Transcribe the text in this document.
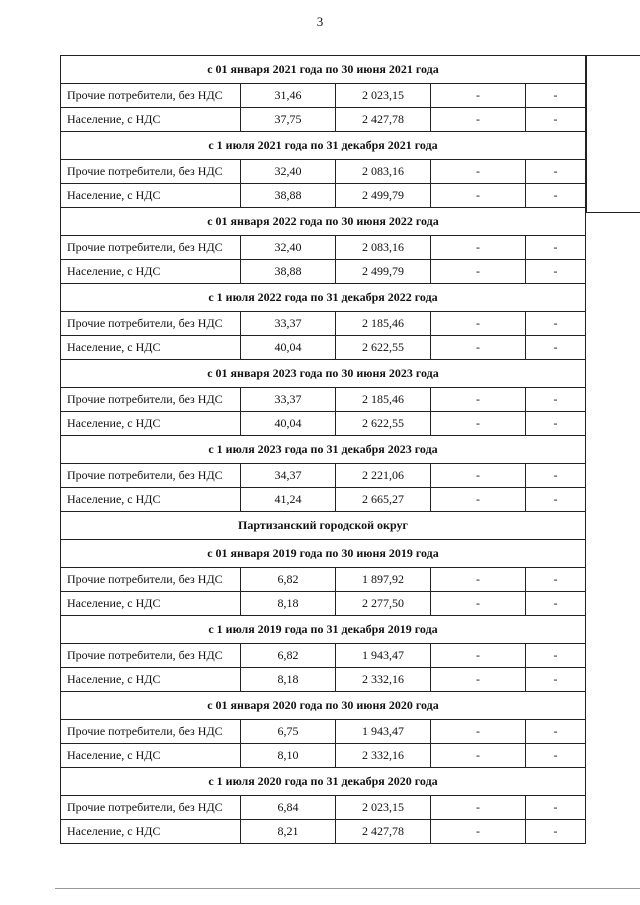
3
с 01 января 2021 года по 30 июня 2021 года
Прочие потребители, без НДС	31,46	2 023,15	-	-
Население, с НДС	37,75	2 427,78	-	-
с 1 июля 2021 года по 31 декабря 2021 года
Прочие потребители, без НДС	32,40	2 083,16	-	-
Население, с НДС	38,88	2 499,79	-	-
с 01 января 2022 года по 30 июня 2022 года
Прочие потребители, без НДС	32,40	2 083,16	-	-
Население, с НДС	38,88	2 499,79	-	-
с 1 июля 2022 года по 31 декабря 2022 года
Прочие потребители, без НДС	33,37	2 185,46	-	-
Население, с НДС	40,04	2 622,55	-	-
с 01 января 2023 года по 30 июня 2023 года
Прочие потребители, без НДС	33,37	2 185,46	-	-
Население, с НДС	40,04	2 622,55	-	-
с 1 июля 2023 года по 31 декабря 2023 года
Прочие потребители, без НДС	34,37	2 221,06	-	-
Население, с НДС	41,24	2 665,27	-	-
Партизанский городской округ
с 01 января 2019 года по 30 июня 2019 года
Прочие потребители, без НДС	6,82	1 897,92	-	-
Население, с НДС	8,18	2 277,50	-	-
с 1 июля 2019 года по 31 декабря 2019 года
Прочие потребители, без НДС	6,82	1 943,47	-	-
Население, с НДС	8,18	2 332,16	-	-
с 01 января 2020 года по 30 июня 2020 года
Прочие потребители, без НДС	6,75	1 943,47	-	-
Население, с НДС	8,10	2 332,16	-	-
с 1 июля 2020 года по 31 декабря 2020 года
Прочие потребители, без НДС	6,84	2 023,15	-	-
Население, с НДС	8,21	2 427,78	-	-
